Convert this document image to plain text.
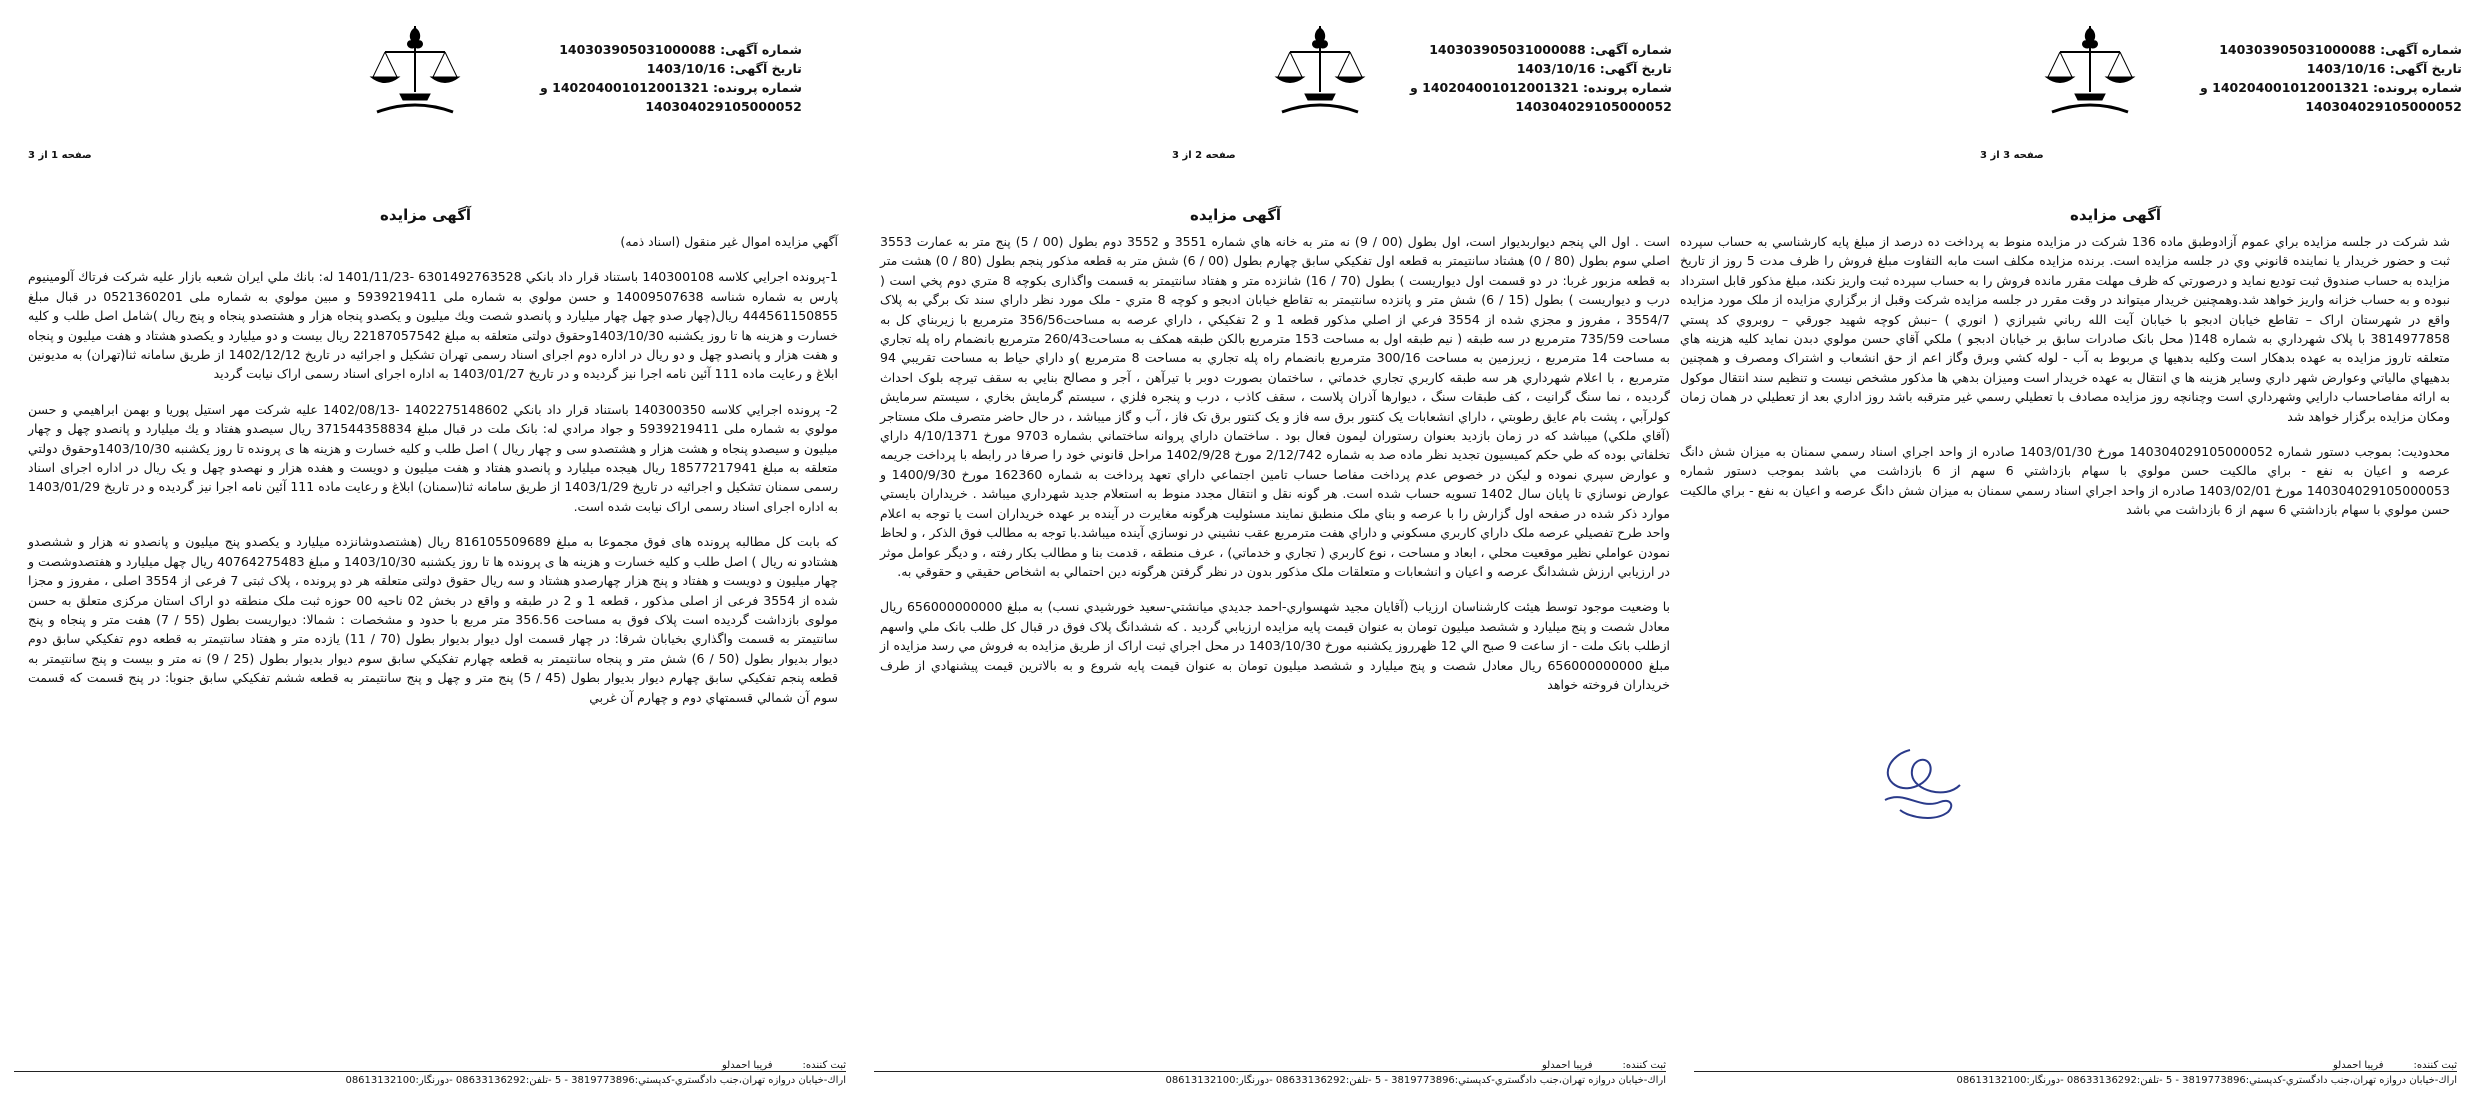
شماره آگهی: 140303905031000088
تاریخ آگهی: 1403/10/16
شماره پرونده: 140204001012001321 و
140304029105000052
صفحه 1 از 3
آگهی مزایده

آگهي مزايده اموال غير منقول (اسناد ذمه)

1-پرونده اجرايي كلاسه 140300108 باستناد قرار داد بانكي 6301492763528 -1401/11/23 له: بانك ملي ايران شعبه بازار عليه شركت فرتاك آلومينيوم پارس به شماره شناسه 14009507638 و حسن مولوي به شماره ملی 5939219411 و مبين مولوي به شماره ملی 0521360201 در قبال مبلغ 444561150855 ريال(چهار صدو چهل چهار ميليارد و پانصدو شصت ويك ميليون و يكصدو پنجاه هزار و هشتصدو پنجاه و پنج ريال )شامل اصل طلب و كليه خسارت و هزينه ها تا روز يكشنبه 1403/10/30وحقوق دولتی متعلقه به مبلغ 22187057542 ريال بيست و دو ميليارد و يكصدو هشتاد و هفت ميليون و پنجاه و هفت هزار و پانصدو چهل و دو ريال در اداره دوم اجرای اسناد رسمی تهران تشكيل و اجرائيه در تاريخ 1402/12/12 از طريق سامانه ثنا(تهران) به مديونين ابلاغ و رعايت ماده 111 آئين نامه اجرا نيز گرديده و در تاريخ 1403/01/27 به اداره اجرای اسناد رسمی اراک نيابت گرديد

2- پرونده اجرايي كلاسه 140300350 باستناد قرار داد بانكي 1402275148602 -1402/08/13 عليه شركت مهر استيل پوريا و بهمن ابراهيمي و حسن مولوي به شماره ملی 5939219411 و جواد مرادي له: بانک ملت در قبال مبلغ 371544358834 ريال سيصدو هفتاد و يك ميليارد و پانصدو چهل و چهار ميليون و سيصدو پنجاه و هشت هزار و هشتصدو سی و چهار ريال ) اصل طلب و كليه خسارت و هزينه ها ی پرونده تا روز يكشنبه 1403/10/30وحقوق دولتي متعلقه به مبلغ 18577217941 ريال هيجده ميليارد و پانصدو هفتاد و هفت ميليون و دويست و هفده هزار و نهصدو چهل و يک ريال در اداره اجرای اسناد رسمی سمنان تشكيل و اجرائيه در تاريخ 1403/1/29 از طريق سامانه ثنا(سمنان) ابلاغ و رعايت ماده 111 آئين نامه اجرا نيز گرديده و در تاريخ 1403/01/29 به اداره اجرای اسناد رسمی اراک نيابت شده است.

كه بابت كل مطالبه پرونده های فوق مجموعا به مبلغ 816105509689 ريال (هشتصدوشانزده ميليارد و يكصدو پنج ميليون و پانصدو نه هزار و ششصدو هشتادو نه ريال ) اصل طلب و كليه خسارت و هزينه ها ی پرونده ها تا روز يكشنبه 1403/10/30 و مبلغ 40764275483 ريال چهل ميليارد و هفتصدوشصت و چهار ميليون و دويست و هفتاد و پنج هزار چهارصدو هشتاد و سه ريال حقوق دولتی متعلقه هر دو پرونده ، پلاک ثبتی 7 فرعی از 3554 اصلی ، مفروز و مجزا شده از 3554 فرعی از اصلی مذكور ، قطعه 1 و 2 در طبقه و واقع در بخش 02 ناحيه 00 حوزه ثبت ملک منطقه دو اراک استان مركزی متعلق به حسن مولوی بازداشت گرديده است پلاک فوق به مساحت 356.56 متر مربع با حدود و مشخصات : شمالا: ديواريست بطول (55 / 7) هفت متر و پنجاه و پنج سانتيمتر به قسمت واگذاري بخيابان شرقا: در چهار قسمت اول ديوار بديوار بطول (70 / 11) يازده متر و هفتاد سانتيمتر به قطعه دوم تفكيكي سابق دوم ديوار بديوار بطول (50 / 6) شش متر و پنجاه سانتيمتر به قطعه چهارم تفكيكي سابق سوم ديوار بديوار بطول (25 / 9) نه متر و بيست و پنج سانتيمتر به قطعه پنجم تفكيكي سابق چهارم ديوار بديوار بطول (45 / 5) پنج متر و چهل و پنج سانتيمتر به قطعه ششم تفكيكي سابق جنوبا: در پنج قسمت كه قسمت سوم آن شمالي قسمتهاي دوم و چهارم آن غربي

ثبت كننده:
فريبا احمدلو
اراك-خيابان دروازه تهران،جنب دادگستري-كدپستي:3819773896 - 5 -تلفن:08633136292 -دورنگار:08613132100
شماره آگهی: 140303905031000088
تاریخ آگهی: 1403/10/16
شماره پرونده: 140204001012001321 و
140304029105000052
صفحه 2 از 3
آگهی مزایده

است . اول الي پنجم ديواربديوار است، اول بطول (00 / 9) نه متر به خانه هاي شماره 3551 و 3552 دوم بطول (00 / 5) پنج متر به عمارت 3553 اصلي سوم بطول (80 / 0) هشتاد سانتيمتر به قطعه اول تفكيكي سابق چهارم بطول (00 / 6) شش متر به قطعه مذكور پنجم بطول (80 / 0) هشت متر به قطعه مزبور غربا: در دو قسمت اول ديواريست ) بطول (70 / 16) شانزده متر و هفتاد سانتيمتر به قسمت واگذاری بكوچه 8 متري دوم پخي است ( درب و ديواريست ) بطول (15 / 6) شش متر و پانزده سانتيمتر به تقاطع خيابان ادبجو و كوچه 8 متري - ملک مورد نظر داراي سند تک برگي به پلاک 3554/7 ، مفروز و مجزي شده از 3554 فرعي از اصلي مذكور قطعه 1 و 2 تفكيكي ، داراي عرصه به مساحت356/56 مترمربع با زيربناي كل به مساحت 735/59 مترمربع در سه طبقه ( نيم طبقه اول به مساحت 153 مترمربع بالكن طبقه همكف به مساحت260/43 مترمربع بانضمام راه پله تجاري به مساحت 14 مترمربع ، زيرزمين به مساحت 300/16 مترمربع بانضمام راه پله تجاري به مساحت 8 مترمربع )و داراي حياط به مساحت تقريبي 94 مترمربع ، با اعلام شهرداري هر سه طبقه كاربري تجاري خدماتي ، ساختمان بصورت دوبر با تيرآهن ، آجر و مصالح بنايي به سقف تيرچه بلوک احداث گرديده ، نما سنگ گرانيت ، كف طبقات سنگ ، ديوارها آذران پلاست ، سقف كاذب ، درب و پنجره فلزي ، سيستم گرمايش بخاري ، سيستم سرمايش كولرآبي ، پشت بام عايق رطوبتي ، داراي انشعابات يک كنتور برق سه فاز و يک كنتور برق تک فاز ، آب و گاز ميباشد ، در حال حاضر متصرف ملک مستاجر (آقاي ملكي) ميباشد كه در زمان بازديد بعنوان رستوران ليمون فعال بود . ساختمان داراي پروانه ساختماني بشماره 9703 مورخ 4/10/1371 داراي تخلفاتي بوده كه طي حكم كميسيون تجديد نظر ماده صد به شماره 2/12/742 مورخ 1402/9/28 مراحل قانوني خود را صرفا در رابطه با پرداخت جريمه و عوارض سپري نموده و ليكن در خصوص عدم پرداخت مفاصا حساب تامين اجتماعي داراي تعهد پرداخت به شماره 162360 مورخ 1400/9/30 و عوارض نوسازي تا پايان سال 1402 تسويه حساب شده است. هر گونه نقل و انتقال مجدد منوط به استعلام جديد شهرداري ميباشد . خريداران بايستي موارد ذكر شده در صفحه اول گزارش را با عرصه و بناي ملک منطبق نمايند مسئوليت هرگونه مغايرت در آينده بر عهده خريداران است يا توجه به اعلام واحد طرح تفصيلي عرصه ملک داراي كاربري مسكوني و داراي هفت مترمربع عقب نشيني در نوسازي آينده ميباشد.با توجه به مطالب فوق الذكر ، و لحاظ نمودن عواملي نظير موقعيت محلي ، ابعاد و مساحت ، نوع كاربري ( تجاري و خدماتي) ، عرف منطقه ، قدمت بنا و مطالب بكار رفته ، و ديگر عوامل موثر در ارزيابي ارزش ششدانگ عرصه و اعيان و انشعابات و متعلقات ملک مذكور بدون در نظر گرفتن هرگونه دين احتمالي به اشخاص حقيقي و حقوقي به.

با وضعيت موجود توسط هيئت كارشناسان ارزياب (آقايان مجيد شهسواري-احمد جديدي ميانشتي-سعيد خورشيدي نسب) به مبلغ 656000000000 ريال معادل شصت و پنج ميليارد و ششصد ميليون تومان به عنوان قيمت پايه مزايده ارزيابي گرديد . كه ششدانگ پلاک فوق در قبال كل طلب بانک ملي واسهم ازطلب بانک ملت - از ساعت 9 صبح الي 12 ظهرروز يكشنبه مورخ 1403/10/30 در محل اجراي ثبت اراک از طريق مزايده به فروش مي رسد مزايده از مبلغ 656000000000 ريال معادل شصت و پنج ميليارد و ششصد ميليون تومان به عنوان قيمت پايه شروع و به بالاترين قيمت پيشنهادي از طرف خريداران فروخته خواهد

ثبت كننده:
فريبا احمدلو
اراك-خيابان دروازه تهران،جنب دادگستري-كدپستي:3819773896 - 5 -تلفن:08633136292 -دورنگار:08613132100
شماره آگهی: 140303905031000088
تاریخ آگهی: 1403/10/16
شماره پرونده: 140204001012001321 و
140304029105000052
صفحه 3 از 3
آگهی مزایده

شد شركت در جلسه مزايده براي عموم آزادوطبق ماده 136 شركت در مزايده منوط به پرداخت ده درصد از مبلغ پايه كارشناسي به حساب سپرده ثبت و حضور خريدار يا نماينده قانوني وي در جلسه مزايده است. برنده مزايده مكلف است مابه التفاوت مبلغ فروش را ظرف مدت 5 روز از تاريخ مزايده به حساب صندوق ثبت توديع نمايد و درصورتي كه ظرف مهلت مقرر مانده فروش را به حساب سپرده ثبت واريز نكند، مبلغ مذكور قابل استرداد نبوده و به حساب خزانه واريز خواهد شد.وهمچنين خريدار ميتواند در وقت مقرر در جلسه مزايده شركت وقبل از برگزاري مزايده از ملک مورد مزايده واقع در شهرستان اراک – تقاطع خيابان ادبجو با خيابان آيت الله رباني شيرازي ( انوري ) –نبش كوچه شهيد جورقي – روبروي كد پستي 3814977858 با پلاک شهرداري به شماره 148( محل بانک صادرات سابق بر خيابان ادبجو ) ملكي آقاي حسن مولوي دبدن نمايد كليه هزينه هاي متعلقه تاروز مزايده به عهده بدهكار است وكليه بدهيها ي مربوط به آب - لوله كشي وبرق وگاز اعم از حق انشعاب و اشتراک ومصرف و همچنين بدهيهاي مالياتي وعوارض شهر داري وساير هزينه ها ي انتقال به عهده خريدار است وميزان بدهي ها مذكور مشخص نيست و تنظيم سند انتقال موكول به ارائه مفاصاحساب دارايي وشهرداري است وچنانچه روز مزايده مصادف با تعطيلي رسمي غير مترقبه باشد روز اداري بعد از تعطيلي در همان زمان ومكان مزايده برگزار خواهد شد

محدوديت: بموجب دستور شماره 140304029105000052 مورخ 1403/01/30 صادره از واحد اجراي اسناد رسمي سمنان به ميزان شش دانگ عرصه و اعيان به نفع - براي مالكيت حسن مولوي با سهام بازداشتي 6 سهم از 6 بازداشت مي باشد بموجب دستور شماره 140304029105000053 مورخ 1403/02/01 صادره از واحد اجراي اسناد رسمي سمنان به ميزان شش دانگ عرصه و اعيان به نفع - براي مالكيت حسن مولوي با سهام بازداشتي 6 سهم از 6 بازداشت مي باشد

ثبت كننده:
فريبا احمدلو
اراك-خيابان دروازه تهران،جنب دادگستري-كدپستي:3819773896 - 5 -تلفن:08633136292 -دورنگار:08613132100
